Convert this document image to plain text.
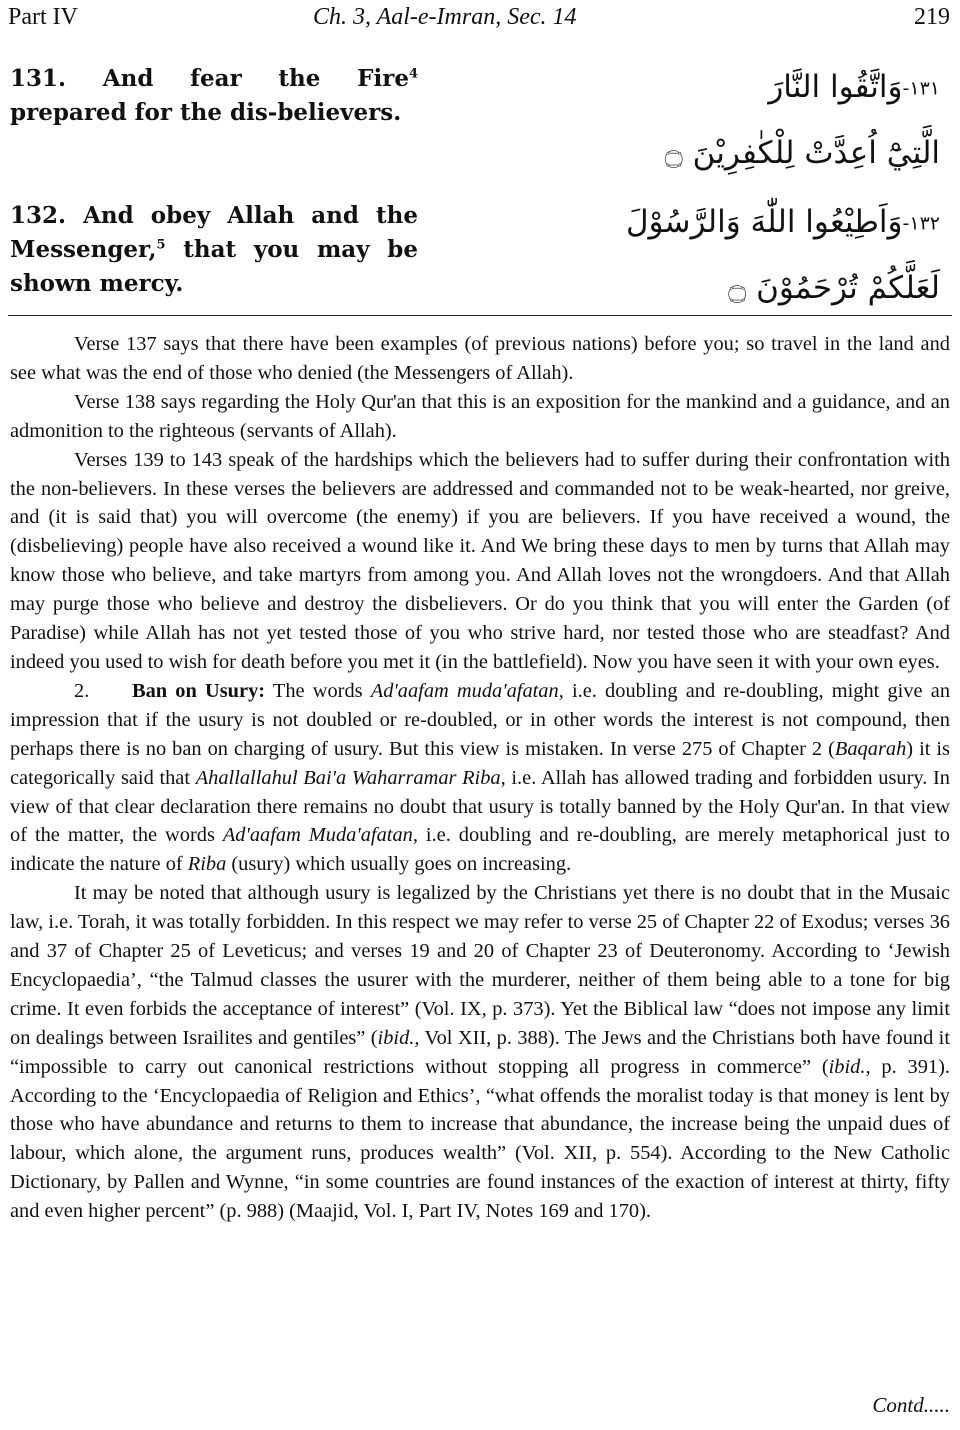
Part IV	Ch. 3, Aal-e-Imran, Sec. 14	219
131. And fear the Fire$^4$ prepared for the dis-believers.
١٣١-وَاتَّقُوا النَّارَ
الَّتِيْٓ اُعِدَّتْ لِلْكٰفِرِيْنَ ۝
132. And obey Allah and the Messenger,$^5$ that you may be shown mercy.
١٣٢-وَاَطِيْعُوا اللّٰهَ وَالرَّسُوْلَ
لَعَلَّكُمْ تُرْحَمُوْنَ ۝

Verse 137 says that there have been examples (of previous nations) before you; so travel in the land and see what was the end of those who denied (the Messengers of Allah).

Verse 138 says regarding the Holy Qur'an that this is an exposition for the mankind and a guidance, and an admonition to the righteous (servants of Allah).

Verses 139 to 143 speak of the hardships which the believers had to suffer during their confrontation with the non-believers. In these verses the believers are addressed and commanded not to be weak-hearted, nor greive, and (it is said that) you will overcome (the enemy) if you are believers. If you have received a wound, the (disbelieving) people have also received a wound like it. And We bring these days to men by turns that Allah may know those who believe, and take martyrs from among you. And Allah loves not the wrongdoers. And that Allah may purge those who believe and destroy the disbelievers. Or do you think that you will enter the Garden (of Paradise) while Allah has not yet tested those of you who strive hard, nor tested those who are steadfast? And indeed you used to wish for death before you met it (in the battlefield). Now you have seen it with your own eyes.

2. Ban on Usury: The words Ad'aafam muda'afatan, i.e. doubling and re-doubling, might give an impression that if the usury is not doubled or re-doubled, or in other words the interest is not compound, then perhaps there is no ban on charging of usury. But this view is mistaken. In verse 275 of Chapter 2 (Baqarah) it is categorically said that Ahallallahul Bai'a Waharramar Riba, i.e. Allah has allowed trading and forbidden usury. In view of that clear declaration there remains no doubt that usury is totally banned by the Holy Qur'an. In that view of the matter, the words Ad'aafam Muda'afatan, i.e. doubling and re-doubling, are merely metaphorical just to indicate the nature of Riba (usury) which usually goes on increasing.

It may be noted that although usury is legalized by the Christians yet there is no doubt that in the Musaic law, i.e. Torah, it was totally forbidden. In this respect we may refer to verse 25 of Chapter 22 of Exodus; verses 36 and 37 of Chapter 25 of Leveticus; and verses 19 and 20 of Chapter 23 of Deuteronomy. According to ‘Jewish Encyclopaedia’, “the Talmud classes the usurer with the murderer, neither of them being able to a tone for big crime. It even forbids the acceptance of interest” (Vol. IX, p. 373). Yet the Biblical law “does not impose any limit on dealings between Israilites and gentiles” (ibid., Vol XII, p. 388). The Jews and the Christians both have found it “impossible to carry out canonical restrictions without stopping all progress in commerce” (ibid., p. 391). According to the ‘Encyclopaedia of Religion and Ethics’, “what offends the moralist today is that money is lent by those who have abundance and returns to them to increase that abundance, the increase being the unpaid dues of labour, which alone, the argument runs, produces wealth” (Vol. XII, p. 554). According to the New Catholic Dictionary, by Pallen and Wynne, “in some countries are found instances of the exaction of interest at thirty, fifty and even higher percent” (p. 988) (Maajid, Vol. I, Part IV, Notes 169 and 170).

Contd.....
